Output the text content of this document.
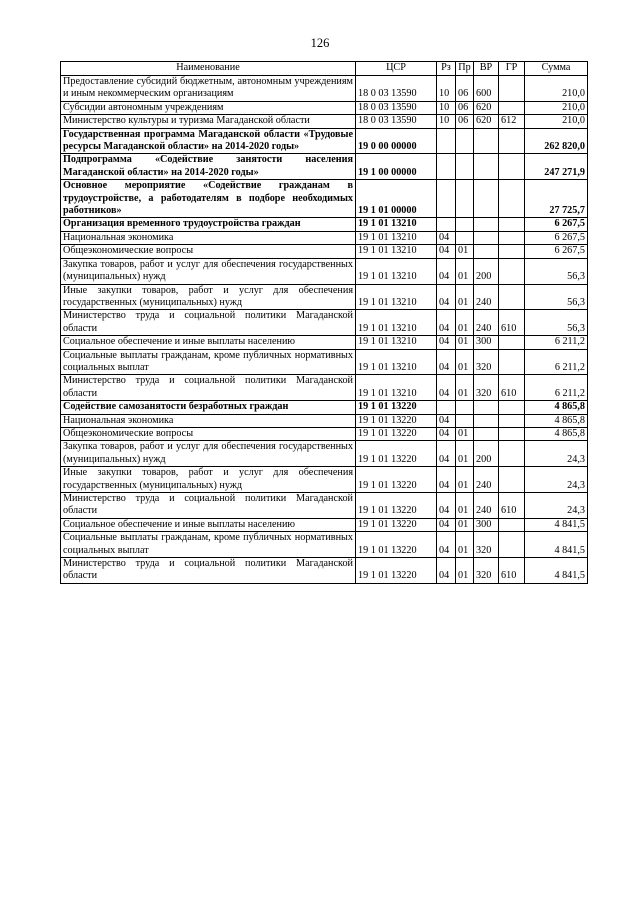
126
Наименование	ЦСР	Рз	Пр	ВР	ГР	Сумма
Предоставление субсидий бюджетным, автономным учреждениям и иным некоммерческим организациям	18 0 03 13590	10	06	600		210,0
Субсидии автономным учреждениям	18 0 03 13590	10	06	620		210,0
Министерство культуры и туризма Магаданской области	18 0 03 13590	10	06	620	612	210,0
Государственная программа Магаданской области «Трудовые ресурсы Магаданской области» на 2014-2020 годы»	19 0 00 00000					262 820,0
Подпрограмма «Содействие занятости населения Магаданской области» на 2014-2020 годы»	19 1 00 00000					247 271,9
Основное мероприятие «Содействие гражданам в трудоустройстве, а работодателям в подборе необходимых работников»	19 1 01 00000					27 725,7
Организация временного трудоустройства граждан	19 1 01 13210					6 267,5
Национальная экономика	19 1 01 13210	04				6 267,5
Общеэкономические вопросы	19 1 01 13210	04	01			6 267,5
Закупка товаров, работ и услуг для обеспечения государственных (муниципальных) нужд	19 1 01 13210	04	01	200		56,3
Иные закупки товаров, работ и услуг для обеспечения государственных (муниципальных) нужд	19 1 01 13210	04	01	240		56,3
Министерство труда и социальной политики Магаданской области	19 1 01 13210	04	01	240	610	56,3
Социальное обеспечение и иные выплаты населению	19 1 01 13210	04	01	300		6 211,2
Социальные выплаты гражданам, кроме публичных нормативных социальных выплат	19 1 01 13210	04	01	320		6 211,2
Министерство труда и социальной политики Магаданской области	19 1 01 13210	04	01	320	610	6 211,2
Содействие самозанятости безработных граждан	19 1 01 13220					4 865,8
Национальная экономика	19 1 01 13220	04				4 865,8
Общеэкономические вопросы	19 1 01 13220	04	01			4 865,8
Закупка товаров, работ и услуг для обеспечения государственных (муниципальных) нужд	19 1 01 13220	04	01	200		24,3
Иные закупки товаров, работ и услуг для обеспечения государственных (муниципальных) нужд	19 1 01 13220	04	01	240		24,3
Министерство труда и социальной политики Магаданской области	19 1 01 13220	04	01	240	610	24,3
Социальное обеспечение и иные выплаты населению	19 1 01 13220	04	01	300		4 841,5
Социальные выплаты гражданам, кроме публичных нормативных социальных выплат	19 1 01 13220	04	01	320		4 841,5
Министерство труда и социальной политики Магаданской области	19 1 01 13220	04	01	320	610	4 841,5
